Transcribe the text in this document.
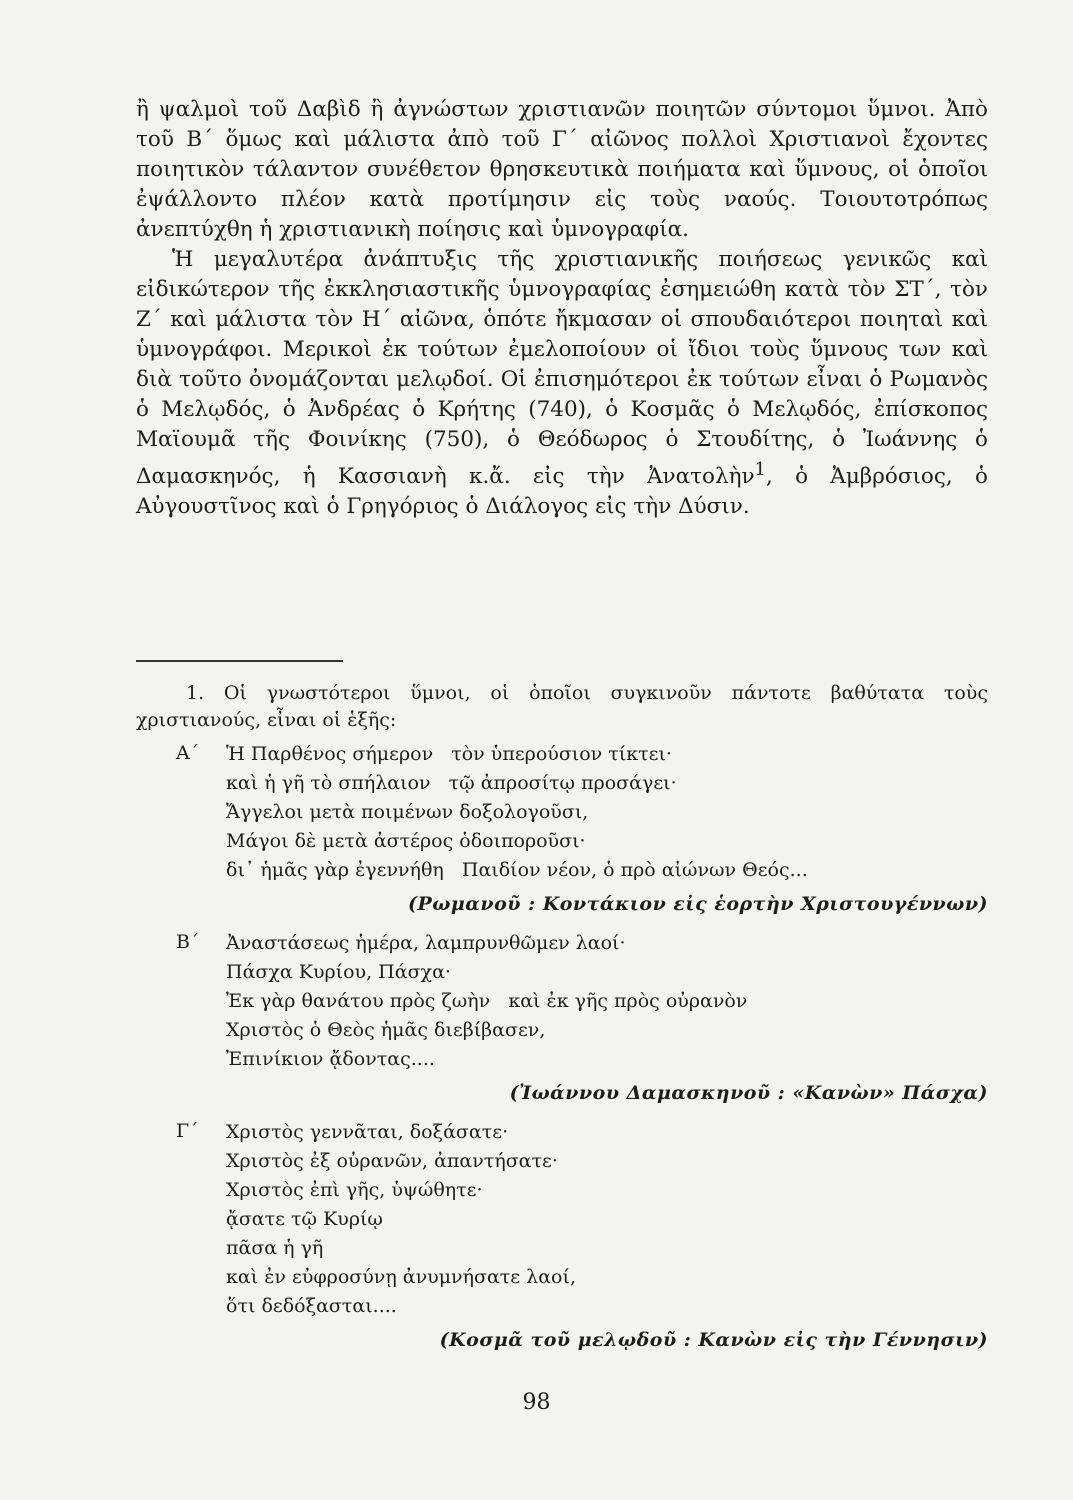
ἢ ψαλμοὶ τοῦ Δαβὶδ ἢ ἀγνώστων χριστιανῶν ποιητῶν σύντομοι ὕμνοι. Ἀπὸ τοῦ Β΄ ὅμως καὶ μάλιστα ἀπὸ τοῦ Γ΄ αἰῶνος πολλοὶ Χριστιανοὶ ἔχοντες ποιητικὸν τάλαντον συνέθετον θρησκευτικὰ ποιήματα καὶ ὕμνους, οἱ ὁποῖοι ἐψάλλοντο πλέον κατὰ προτίμησιν εἰς τοὺς ναούς. Τοιουτοτρόπως ἀνεπτύχθη ἡ χριστιανικὴ ποίησις καὶ ὑμνογραφία.

Ἡ μεγαλυτέρα ἀνάπτυξις τῆς χριστιανικῆς ποιήσεως γενικῶς καὶ εἰδικώτερον τῆς ἐκκλησιαστικῆς ὑμνογραφίας ἐσημειώθη κατὰ τὸν ΣΤ΄, τὸν Ζ΄ καὶ μάλιστα τὸν Η΄ αἰῶνα, ὁπότε ἤκμασαν οἱ σπουδαιότεροι ποιηταὶ καὶ ὑμνογράφοι. Μερικοὶ ἐκ τούτων ἐμελοποίουν οἱ ἴδιοι τοὺς ὕμνους των καὶ διὰ τοῦτο ὀνομάζονται μελῳδοί. Οἱ ἐπισημότεροι ἐκ τούτων εἶναι ὁ Ρωμανὸς ὁ Μελῳδός, ὁ Ἀνδρέας ὁ Κρήτης (740), ὁ Κοσμᾶς ὁ Μελῳδός, ἐπίσκοπος Μαϊουμᾶ τῆς Φοινίκης (750), ὁ Θεόδωρος ὁ Στουδίτης, ὁ Ἰωάννης ὁ Δαμασκηνός, ἡ Κασσιανὴ κ.ἄ. εἰς τὴν Ἀνατολὴν$^1$, ὁ Ἀμβρόσιος, ὁ Αὐγουστῖνος καὶ ὁ Γρηγόριος ὁ Διάλογος εἰς τὴν Δύσιν.

1. Οἱ γνωστότεροι ὕμνοι, οἱ ὁποῖοι συγκινοῦν πάντοτε βαθύτατα τοὺς χριστιανούς, εἶναι οἱ ἑξῆς:

Α΄	Ἡ Παρθένος σήμερον   τὸν ὑπερούσιον τίκτει·

καὶ ἡ γῆ τὸ σπήλαιον   τῷ ἀπροσίτῳ προσάγει·

Ἄγγελοι μετὰ ποιμένων δοξολογοῦσι,

Μάγοι δὲ μετὰ ἀστέρος ὁδοιποροῦσι·

δι᾽ ἡμᾶς γὰρ ἐγεννήθη   Παιδίον νέον, ὁ πρὸ αἰώνων Θεός...

(Ρωμανοῦ : Κοντάκιον εἰς ἑορτὴν Χριστουγέννων)

Β΄	Ἀναστάσεως ἡμέρα, λαμπρυνθῶμεν λαοί·

Πάσχα Κυρίου, Πάσχα·

Ἐκ γὰρ θανάτου πρὸς ζωὴν   καὶ ἐκ γῆς πρὸς οὐρανὸν

Χριστὸς ὁ Θεὸς ἡμᾶς διεβίβασεν,

Ἐπινίκιον ᾄδοντας....

(Ἰωάννου Δαμασκηνοῦ : «Κανὼν» Πάσχα)

Γ΄	Χριστὸς γεννᾶται, δοξάσατε·

Χριστὸς ἐξ οὐρανῶν, ἀπαντήσατε·

Χριστὸς ἐπὶ γῆς, ὑψώθητε·

ᾄσατε τῷ Κυρίῳ

πᾶσα ἡ γῆ

καὶ ἐν εὐφροσύνῃ ἀνυμνήσατε λαοί,

ὅτι δεδόξασται....

(Κοσμᾶ τοῦ μελῳδοῦ : Κανὼν εἰς τὴν Γέννησιν)

98
